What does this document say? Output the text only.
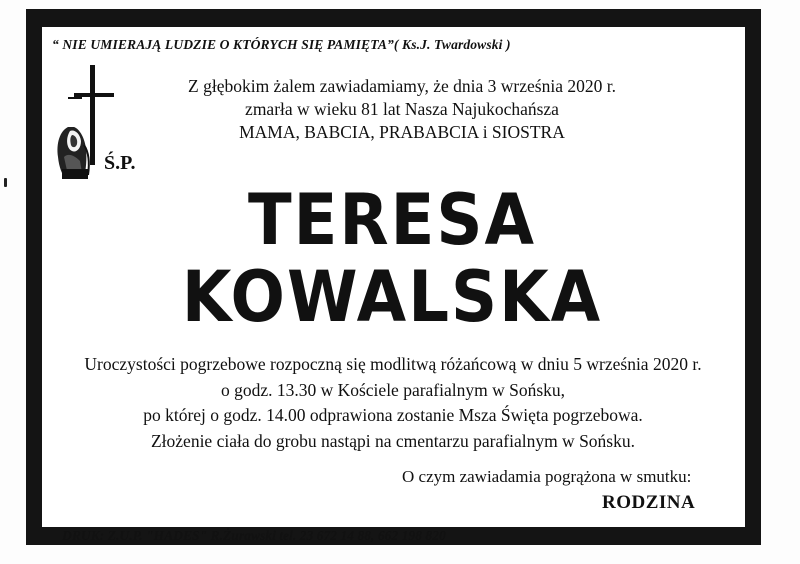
“ NIE UMIERAJĄ LUDZIE O KTÓRYCH SIĘ PAMIĘTA”( Ks.J. Twardowski )
Ś.P.
Z głębokim żalem zawiadamiamy, że dnia 3 września 2020 r.
zmarła w wieku 81 lat Nasza Najukochańsza
MAMA, BABCIA, PRABABCIA i SIOSTRA
TERESA
KOWALSKA
Uroczystości pogrzebowe rozpoczną się modlitwą różańcową w dniu 5 września 2020 r.
o godz. 13.30 w Kościele parafialnym w Sońsku,
po której o godz. 14.00 odprawiona zostanie Msza Święta pogrzebowa.
Złożenie ciała do grobu nastąpi na cmentarzu parafialnym w Sońsku.
O czym zawiadamia pogrążona w smutku:
RODZINA
DRUK: Z.U.P. "HADES" R.Żurawski tel. 23 672 14 88, 662 198 820
